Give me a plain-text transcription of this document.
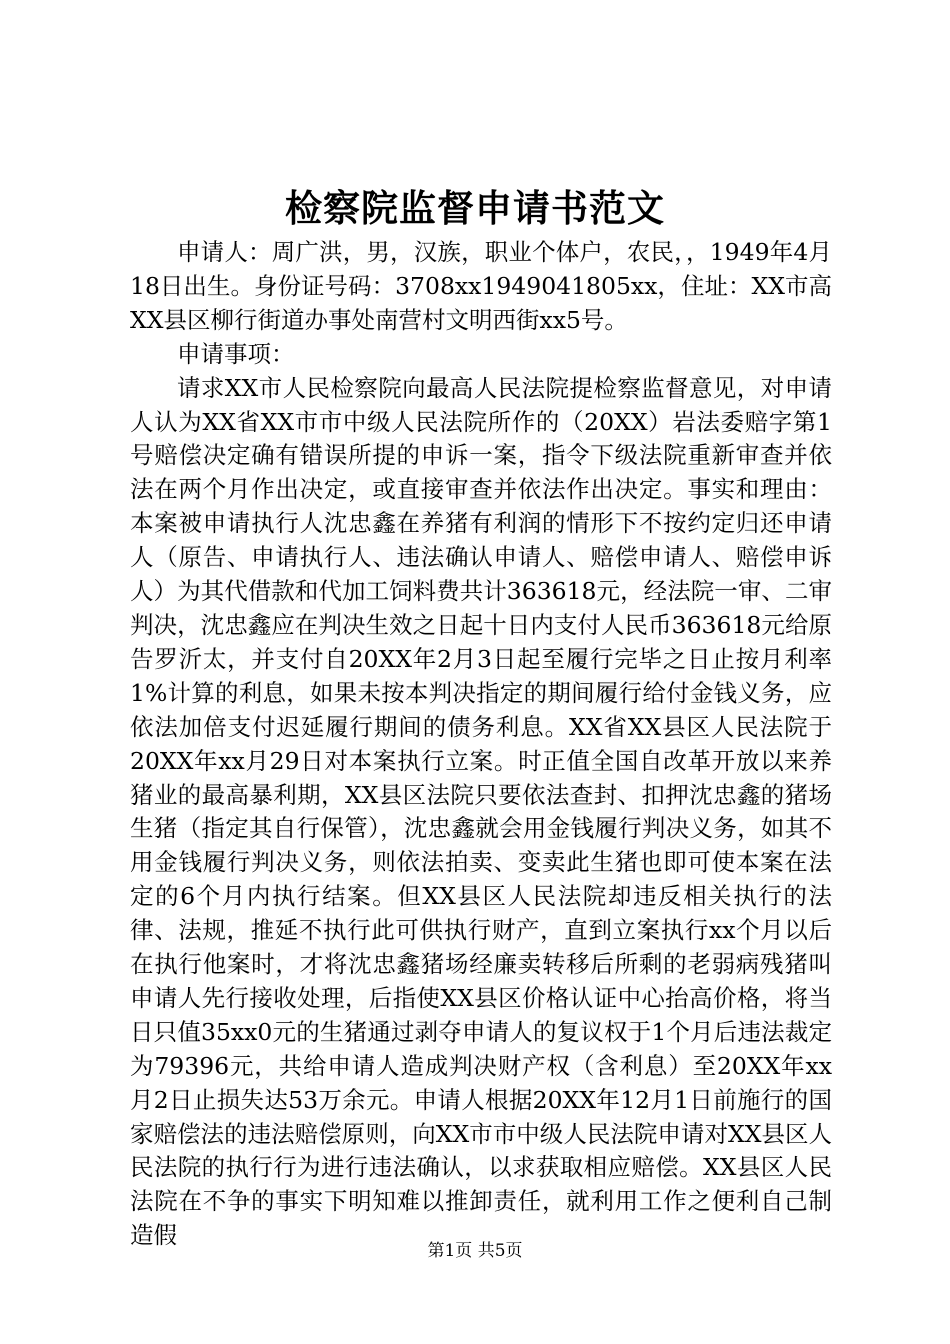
检察院监督申请书范文

申请人：周广洪，男，汉族，职业个体户，农民，，1949年4月18日出生。身份证号码：3708xx1949041805xx，住址：XX市高XX县区柳行街道办事处南营村文明西街xx5号。

申请事项：

请求XX市人民检察院向最高人民法院提检察监督意见，对申请人认为XX省XX市市中级人民法院所作的（20XX）岩法委赔字第1号赔偿决定确有错误所提的申诉一案，指令下级法院重新审查并依法在两个月作出决定，或直接审查并依法作出决定。事实和理由：本案被申请执行人沈忠鑫在养猪有利润的情形下不按约定归还申请人（原告、申请执行人、违法确认申请人、赔偿申请人、赔偿申诉人）为其代借款和代加工饲料费共计363618元，经法院一审、二审判决，沈忠鑫应在判决生效之日起十日内支付人民币363618元给原告罗沂太，并支付自20XX年2月3日起至履行完毕之日止按月利率1%计算的利息，如果未按本判决指定的期间履行给付金钱义务，应依法加倍支付迟延履行期间的债务利息。XX省XX县区人民法院于20XX年xx月29日对本案执行立案。时正值全国自改革开放以来养猪业的最高暴利期，XX县区法院只要依法查封、扣押沈忠鑫的猪场生猪（指定其自行保管），沈忠鑫就会用金钱履行判决义务，如其不用金钱履行判决义务，则依法拍卖、变卖此生猪也即可使本案在法定的6个月内执行结案。但XX县区人民法院却违反相关执行的法律、法规，推延不执行此可供执行财产，直到立案执行xx个月以后在执行他案时，才将沈忠鑫猪场经廉卖转移后所剩的老弱病残猪叫申请人先行接收处理，后指使XX县区价格认证中心抬高价格，将当日只值35xx0元的生猪通过剥夺申请人的复议权于1个月后违法裁定为79396元，共给申请人造成判决财产权（含利息）至20XX年xx月2日止损失达53万余元。申请人根据20XX年12月1日前施行的国家赔偿法的违法赔偿原则，向XX市市中级人民法院申请对XX县区人民法院的执行行为进行违法确认，以求获取相应赔偿。XX县区人民法院在不争的事实下明知难以推卸责任，就利用工作之便利自己制造假

第1页 共5页
